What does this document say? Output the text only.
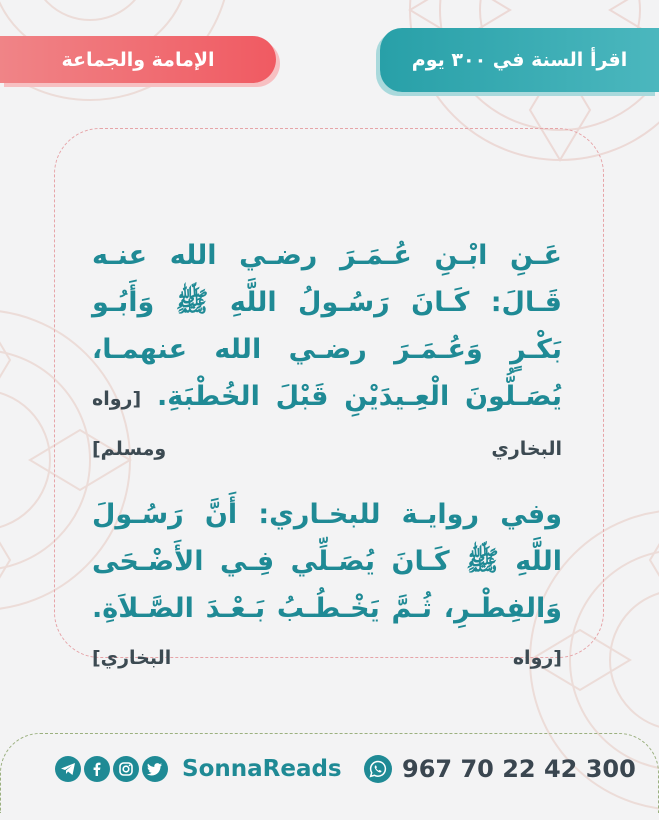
اقرأ السنة في ٣٠٠ يوم
الإمامة والجماعة

عَـنِ ابْـنِ عُـمَـرَ رضـي الله عنـه قَـالَ: كَـانَ رَسُـولُ اللَّهِ ﷺ وَأَبُـو بَكْـرٍ وَعُـمَـرَ رضـي الله عنهمـا، يُصَـلُّونَ الْعِـيدَيْنِ قَبْلَ الخُطْبَةِ. [رواه البخاري ومسلم]

وفي روايـة للبخـاري: أَنَّ رَسُـولَ اللَّهِ ﷺ كَـانَ يُصَـلِّي فِـي الأَضْـحَى وَالفِطْـرِ، ثُـمَّ يَخْـطُـبُ بَـعْـدَ الصَّـلاَةِ. [رواه البخاري]

SonnaReads	967 70 22 42 300
